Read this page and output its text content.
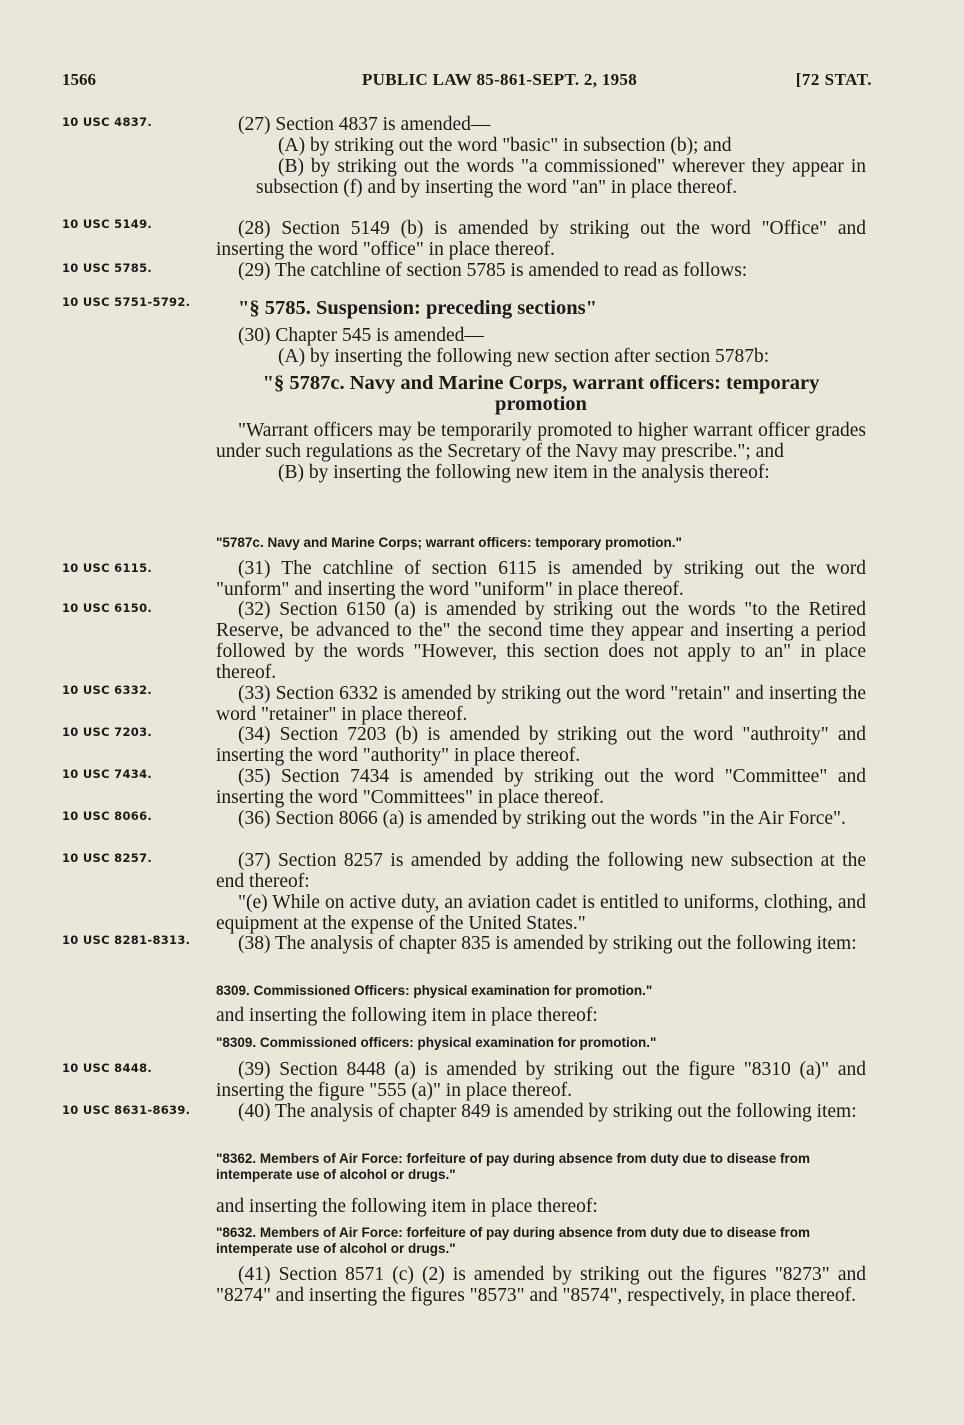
1566	PUBLIC LAW 85-861-SEPT. 2, 1958	[72 STAT.
10 USC 4837.
10 USC 5149.
10 USC 5785.
10 USC 5751-5792.
10 USC 6115.
10 USC 6150.
10 USC 6332.
10 USC 7203.
10 USC 7434.
10 USC 8066.
10 USC 8257.
10 USC 8281-8313.
10 USC 8448.
10 USC 8631-8639.

(27) Section 4837 is amended—

(A) by striking out the word "basic" in subsection (b); and

(B) by striking out the words "a commissioned" wherever they appear in subsection (f) and by inserting the word "an" in place thereof.

(28) Section 5149 (b) is amended by striking out the word "Office" and inserting the word "office" in place thereof.

(29) The catchline of section 5785 is amended to read as follows:

"§ 5785. Suspension: preceding sections"

(30) Chapter 545 is amended—

(A) by inserting the following new section after section 5787b:

"§ 5787c. Navy and Marine Corps, warrant officers: temporary promotion

"Warrant officers may be temporarily promoted to higher warrant officer grades under such regulations as the Secretary of the Navy may prescribe."; and

(B) by inserting the following new item in the analysis thereof:

"5787c. Navy and Marine Corps; warrant officers: temporary promotion."

(31) The catchline of section 6115 is amended by striking out the word "unform" and inserting the word "uniform" in place thereof.

(32) Section 6150 (a) is amended by striking out the words "to the Retired Reserve, be advanced to the" the second time they appear and inserting a period followed by the words "However, this section does not apply to an" in place thereof.

(33) Section 6332 is amended by striking out the word "retain" and inserting the word "retainer" in place thereof.

(34) Section 7203 (b) is amended by striking out the word "authroity" and inserting the word "authority" in place thereof.

(35) Section 7434 is amended by striking out the word "Committee" and inserting the word "Committees" in place thereof.

(36) Section 8066 (a) is amended by striking out the words "in the Air Force".

(37) Section 8257 is amended by adding the following new subsection at the end thereof:

"(e) While on active duty, an aviation cadet is entitled to uniforms, clothing, and equipment at the expense of the United States."

(38) The analysis of chapter 835 is amended by striking out the following item:

8309. Commissioned Officers: physical examination for promotion."

and inserting the following item in place thereof:

"8309. Commissioned officers: physical examination for promotion."

(39) Section 8448 (a) is amended by striking out the figure "8310 (a)" and inserting the figure "555 (a)" in place thereof.

(40) The analysis of chapter 849 is amended by striking out the following item:

"8362. Members of Air Force: forfeiture of pay during absence from duty due to disease from intemperate use of alcohol or drugs."

and inserting the following item in place thereof:

"8632. Members of Air Force: forfeiture of pay during absence from duty due to disease from intemperate use of alcohol or drugs."

(41) Section 8571 (c) (2) is amended by striking out the figures "8273" and "8274" and inserting the figures "8573" and "8574", respectively, in place thereof.
